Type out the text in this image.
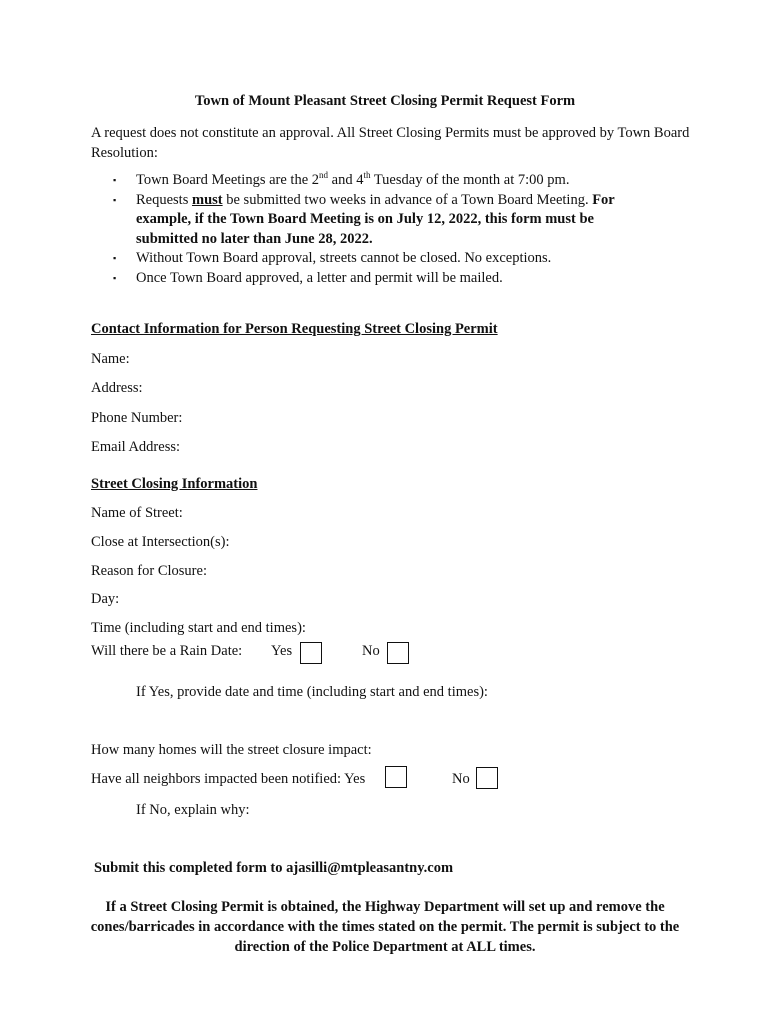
Town of Mount Pleasant Street Closing Permit Request Form
A request does not constitute an approval. All Street Closing Permits must be approved by Town Board Resolution:
▪ Town Board Meetings are the 2nd and 4th Tuesday of the month at 7:00 pm.
▪ Requests must be submitted two weeks in advance of a Town Board Meeting. For example, if the Town Board Meeting is on July 12, 2022, this form must be submitted no later than June 28, 2022.
▪ Without Town Board approval, streets cannot be closed. No exceptions.
▪ Once Town Board approved, a letter and permit will be mailed.
Contact Information for Person Requesting Street Closing Permit
Name:
Address:
Phone Number:
Email Address:
Street Closing Information
Name of Street:
Close at Intersection(s):
Reason for Closure:
Day:
Time (including start and end times):
Will there be a Rain Date: Yes	No
If Yes, provide date and time (including start and end times):
How many homes will the street closure impact:
Have all neighbors impacted been notified: Yes	No
If No, explain why:
Submit this completed form to ajasilli@mtpleasantny.com
If a Street Closing Permit is obtained, the Highway Department will set up and remove the cones/barricades in accordance with the times stated on the permit. The permit is subject to the direction of the Police Department at ALL times.
